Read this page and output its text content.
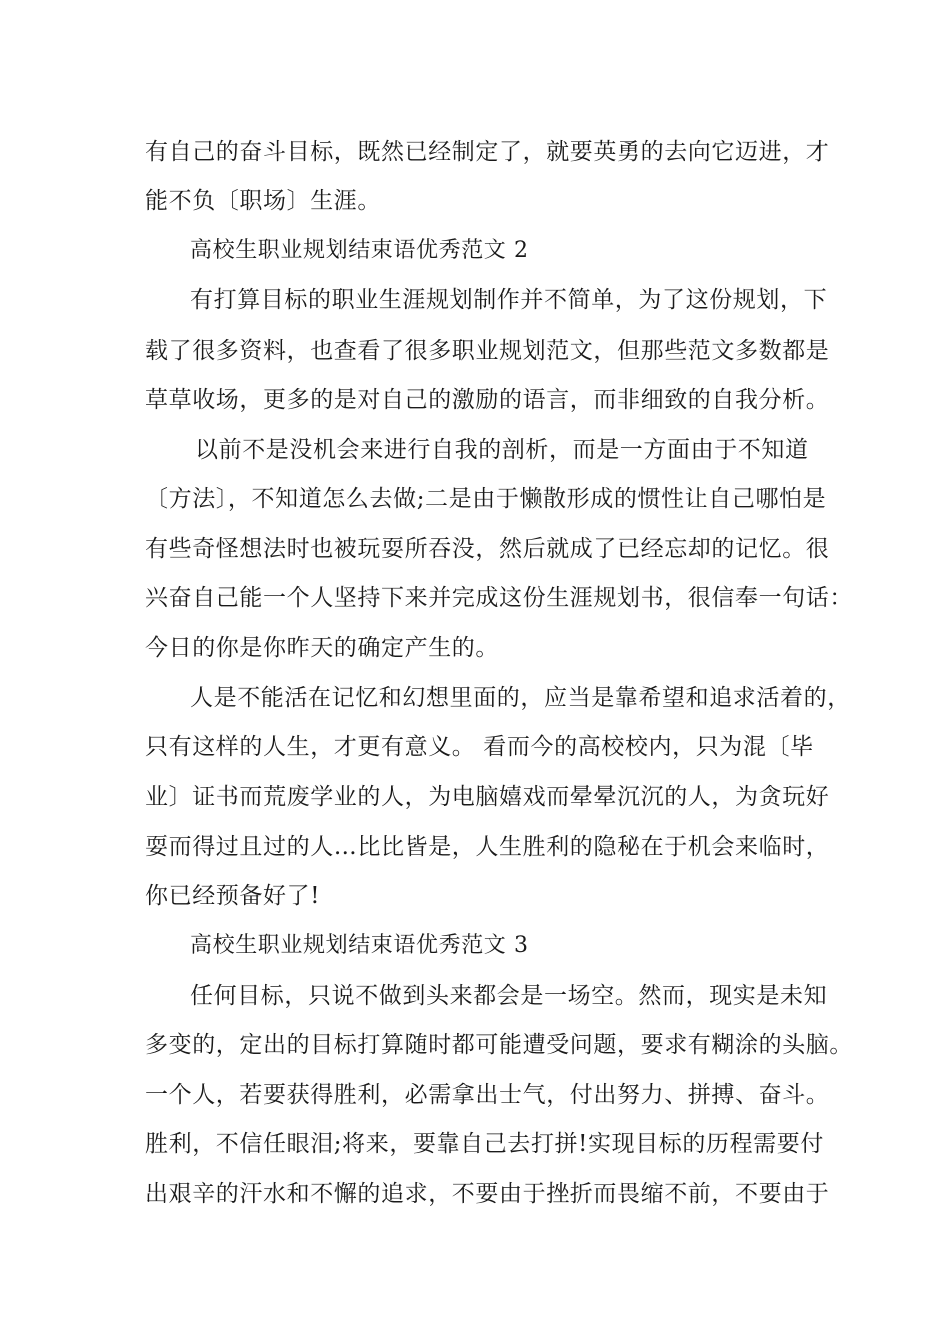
有自己的奋斗目标，既然已经制定了，就要英勇的去向它迈进，才
能不负〔职场〕生涯。
高校生职业规划结束语优秀范文 2
有打算目标的职业生涯规划制作并不简单，为了这份规划，下
载了很多资料，也查看了很多职业规划范文，但那些范文多数都是
草草收场，更多的是对自己的激励的语言，而非细致的自我分析。
以前不是没机会来进行自我的剖析，而是一方面由于不知道
〔方法〕，不知道怎么去做;二是由于懒散形成的惯性让自己哪怕是
有些奇怪想法时也被玩耍所吞没，然后就成了已经忘却的记忆。很
兴奋自己能一个人坚持下来并完成这份生涯规划书，很信奉一句话：
今日的你是你昨天的确定产生的。
人是不能活在记忆和幻想里面的，应当是靠希望和追求活着的，
只有这样的人生，才更有意义。 看而今的高校校内，只为混〔毕
业〕证书而荒废学业的人，为电脑嬉戏而晕晕沉沉的人，为贪玩好
耍而得过且过的人…比比皆是，人生胜利的隐秘在于机会来临时，
你已经预备好了!
高校生职业规划结束语优秀范文 3
任何目标，只说不做到头来都会是一场空。然而，现实是未知
多变的，定出的目标打算随时都可能遭受问题，要求有糊涂的头脑。
一个人，若要获得胜利，必需拿出士气，付出努力、拼搏、奋斗。
胜利，不信任眼泪;将来，要靠自己去打拼!实现目标的历程需要付
出艰辛的汗水和不懈的追求，不要由于挫折而畏缩不前，不要由于
